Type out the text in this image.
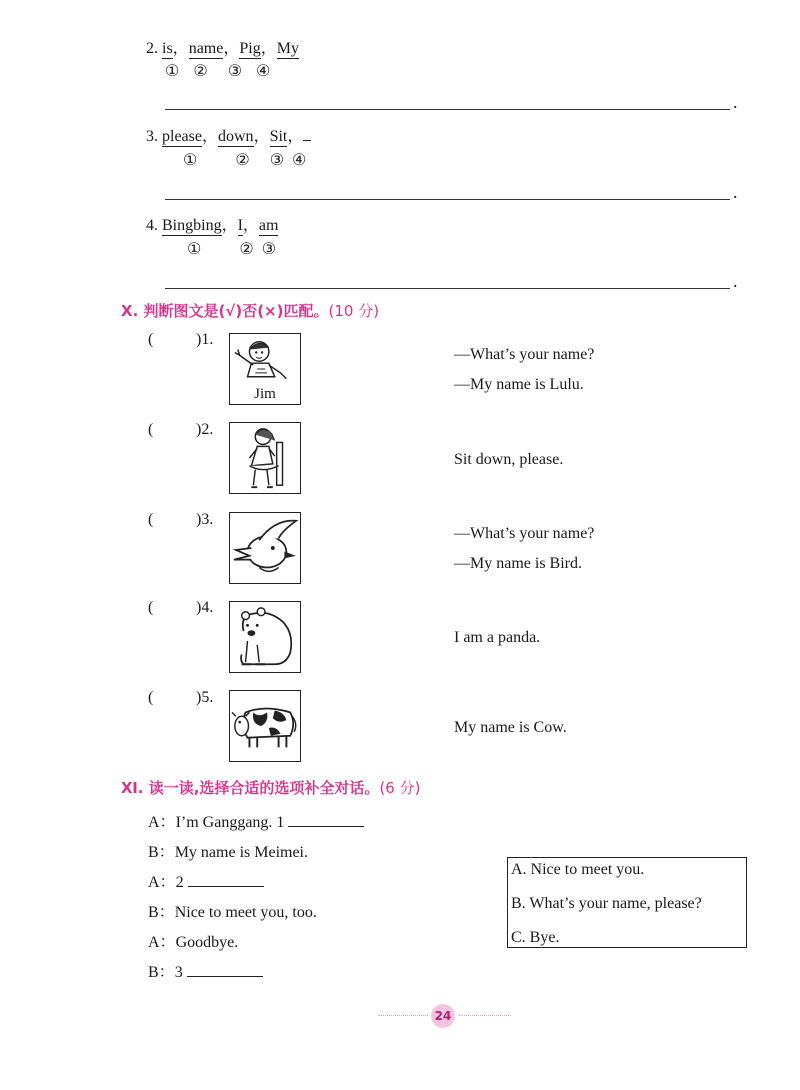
2. is，name，Pig，My
① ② ③ ④
.
3. please，down，Sit，
① ② ③ ④
.
4. Bingbing，I，am
① ② ③
.
Ⅹ. 判断图文是(√)否(×)匹配。(10 分)
(	)1.
Jim
—What’s your name?
—My name is Lulu.
(	)2.
Sit down, please.
(	)3.
—What’s your name?
—My name is Bird.
(	)4.
I am a panda.
(	)5.
My name is Cow.
Ⅺ. 读一读,选择合适的选项补全对话。(6 分)
A：I’m Ganggang. 1
B：My name is Meimei.
A：2
B：Nice to meet you, too.
A：Goodbye.
B：3
A. Nice to meet you.
B. What’s your name, please?
C. Bye.
24
